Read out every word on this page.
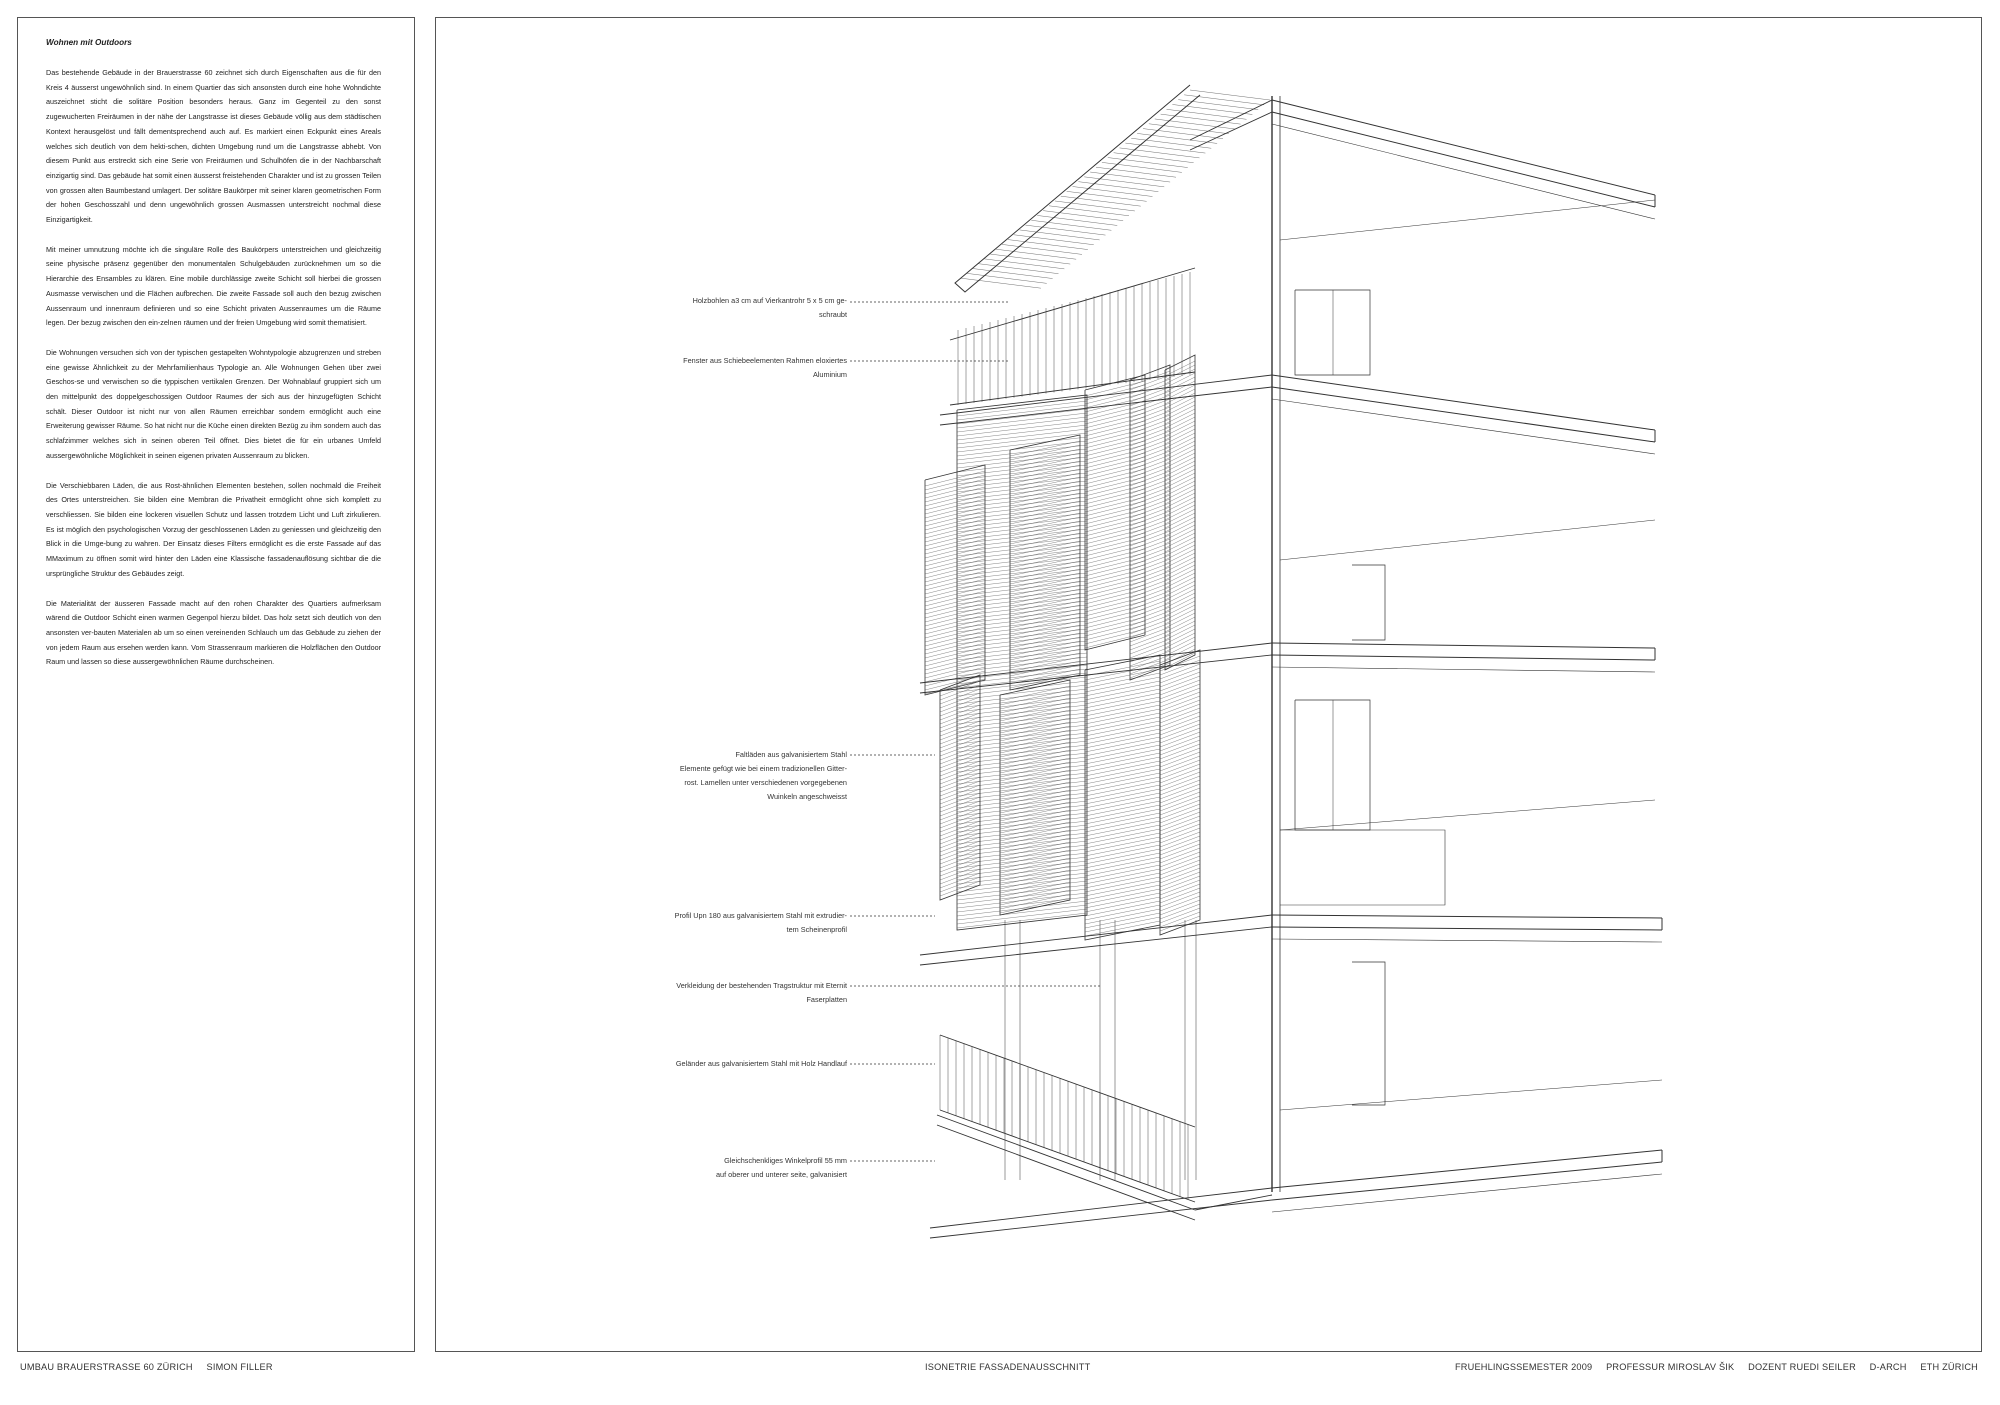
Wohnen mit Outdoors

Das bestehende Gebäude in der Brauerstrasse 60 zeichnet sich durch Eigenschaften aus die für den Kreis 4 äusserst ungewöhnlich sind. In einem Quartier das sich ansonsten durch eine hohe Wohndichte auszeichnet sticht die solitäre Position besonders heraus. Ganz im Gegenteil zu den sonst zugewucherten Freiräumen in der nähe der Langstrasse ist dieses Gebäude völlig aus dem städtischen Kontext herausgelöst und fällt dementsprechend auch auf. Es markiert einen Eckpunkt eines Areals welches sich deutlich von dem hekti-schen, dichten Umgebung rund um die Langstrasse abhebt. Von diesem Punkt aus erstreckt sich eine Serie von Freiräumen und Schulhöfen die in der Nachbarschaft einzigartig sind. Das gebäude hat somit einen äusserst freistehenden Charakter und ist zu grossen Teilen von grossen alten Baumbestand umlagert. Der solitäre Baukörper mit seiner klaren geometrischen Form der hohen Geschosszahl und denn ungewöhnlich grossen Ausmassen unterstreicht nochmal diese Einzigartigkeit.

Mit meiner umnutzung möchte ich die singuläre Rolle des Baukörpers unterstreichen und gleichzeitig seine physische präsenz gegenüber den monumentalen Schulgebäuden zurücknehmen um so die Hierarchie des Ensambles zu klären. Eine mobile durchlässige zweite Schicht soll hierbei die grossen Ausmasse verwischen und die Flächen aufbrechen. Die zweite Fassade soll auch den bezug zwischen Aussenraum und innenraum definieren und so eine Schicht privaten Aussenraumes um die Räume legen. Der bezug zwischen den ein-zelnen räumen und der freien Umgebung wird somit thematisiert.

Die Wohnungen versuchen sich von der typischen gestapelten Wohntypologie abzugrenzen und streben eine gewisse Ähnlichkeit zu der Mehrfamilienhaus Typologie an. Alle Wohnungen Gehen über zwei Geschos-se und verwischen so die typpischen vertikalen Grenzen. Der Wohnablauf gruppiert sich um den mittelpunkt des doppelgeschossigen Outdoor Raumes der sich aus der hinzugefügten Schicht schält. Dieser Outdoor ist nicht nur von allen Räumen erreichbar sondern ermöglicht auch eine Erweiterung gewisser Räume. So hat nicht nur die Küche einen direkten Bezüg zu ihm sondern auch das schlafzimmer welches sich in seinen oberen Teil öffnet. Dies bietet die für ein urbanes Umfeld aussergewöhnliche Möglichkeit in seinen eigenen privaten Aussenraum zu blicken.

Die Verschiebbaren Läden, die aus Rost-ähnlichen Elementen bestehen, sollen nochmald die Freiheit des Ortes unterstreichen. Sie bilden eine Membran die Privatheit ermöglicht ohne sich komplett zu verschliessen. Sie bilden eine lockeren visuellen Schutz und lassen trotzdem Licht und Luft zirkulieren. Es ist möglich den psychologischen Vorzug der geschlossenen Läden zu geniessen und gleichzeitig den Blick in die Umge-bung zu wahren. Der Einsatz dieses Filters ermöglicht es die erste Fassade auf das MMaximum zu öffnen somit wird hinter den Läden eine Klassische fassadenauflösung sichtbar die die ursprüngliche Struktur des Gebäudes zeigt.

Die Materialität der äusseren Fassade macht auf den rohen Charakter des Quartiers aufmerksam wärend die Outdoor Schicht einen warmen Gegenpol hierzu bildet. Das holz setzt sich deutlich von den ansonsten ver-bauten Materialen ab um so einen vereinenden Schlauch um das Gebäude zu ziehen der von jedem Raum aus ersehen werden kann. Vom Strassenraum markieren die Holzflächen den Outdoor Raum und lassen so diese aussergewöhnlichen Räume durchscheinen.

Holzbohlen a3 cm auf Vierkantrohr 5 x 5 cm ge-
schraubt
Fenster aus Schiebeelementen Rahmen eloxiertes
Aluminium
Faltläden aus galvanisiertem Stahl
Elemente gefügt wie bei einem tradizionellen Gitter-
rost. Lamellen unter verschiedenen vorgegebenen
Wuinkeln angeschweisst
Profil Upn 180 aus galvanisiertem Stahl mit extrudier-
tem Scheinenprofil
Verkleidung der bestehenden Tragstruktur mit Eternit
Faserplatten
Geländer aus galvanisiertem Stahl mit Holz Handlauf
Gleichschenkliges Winkelprofil 55 mm
auf oberer und unterer seite, galvanisiert
UMBAU BRAUERSTRASSE 60 ZÜRICH     SIMON FILLER	ISONETRIE FASSADENAUSSCHNITT	FRUEHLINGSSEMESTER 2009     PROFESSUR MIROSLAV ŠIK     DOZENT RUEDI SEILER     D-ARCH     ETH ZÜRICH
